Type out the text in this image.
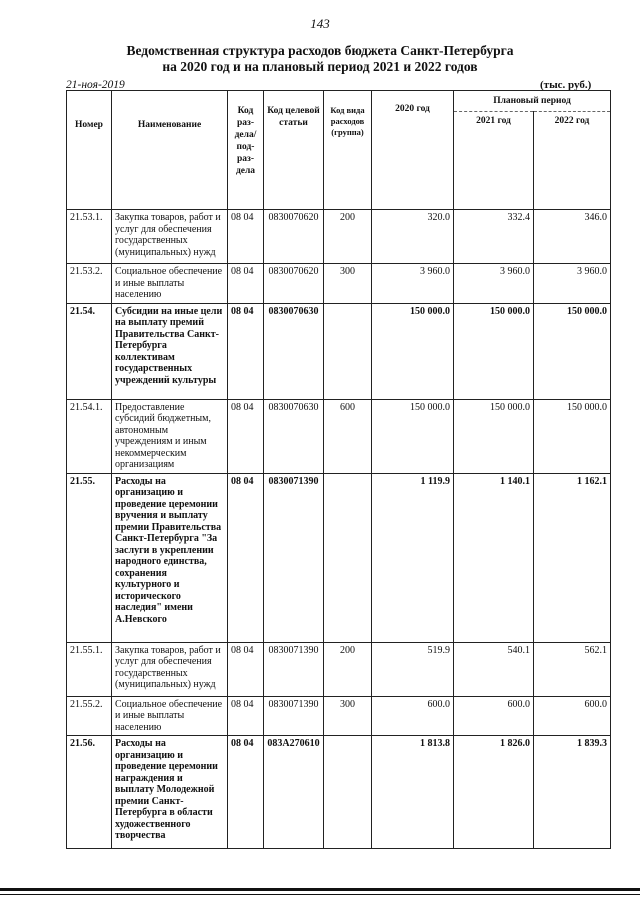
143
Ведомственная структура расходов бюджета Санкт-Петербурга
на 2020 год и на плановый период 2021 и 2022 годов
21-ноя-2019	(тыс. руб.)
Номер	Наименование	Код раз-дела/ под-раз-дела	Код целевой статьи	Код вида расходов (группа)	2020 год	Плановый период	
						2021 год	2022 год
21.53.1.	Закупка товаров, работ и услуг для обеспечения государственных (муниципальных) нужд	08 04	0830070620	200	320.0	332.4	346.0
21.53.2.	Социальное обеспечение и иные выплаты населению	08 04	0830070620	300	3 960.0	3 960.0	3 960.0
21.54.	Субсидии на иные цели на выплату премий Правительства Санкт-Петербурга коллективам государственных учреждений культуры	08 04	0830070630		150 000.0	150 000.0	150 000.0
21.54.1.	Предоставление субсидий бюджетным, автономным учреждениям и иным некоммерческим организациям	08 04	0830070630	600	150 000.0	150 000.0	150 000.0
21.55.	Расходы на организацию и проведение церемонии вручения и выплату премии Правительства Санкт-Петербурга "За заслуги в укреплении народного единства, сохранения культурного и исторического наследия" имени А.Невского	08 04	0830071390		1 119.9	1 140.1	1 162.1
21.55.1.	Закупка товаров, работ и услуг для обеспечения государственных (муниципальных) нужд	08 04	0830071390	200	519.9	540.1	562.1
21.55.2.	Социальное обеспечение и иные выплаты населению	08 04	0830071390	300	600.0	600.0	600.0
21.56.	Расходы на организацию и проведение церемонии награждения и выплату Молодежной премии Санкт-Петербурга в области художественного творчества	08 04	083А270610		1 813.8	1 826.0	1 839.3
